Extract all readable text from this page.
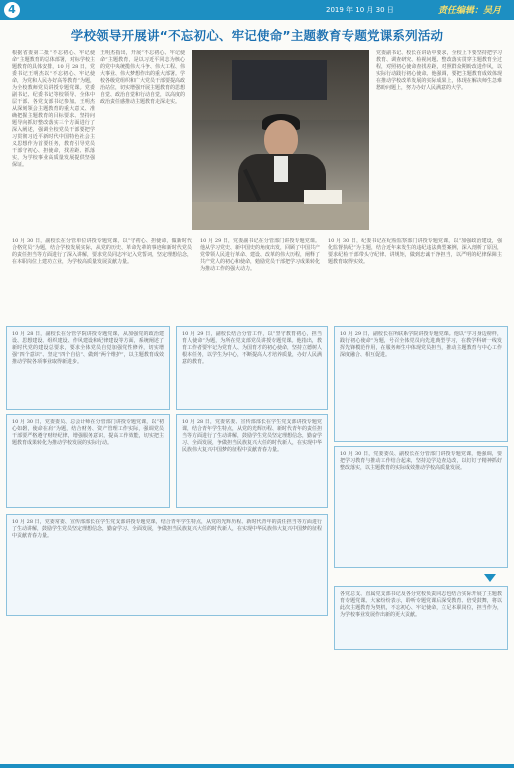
4	2019 年 10 月 30 日	责任编辑：吴月
学校领导开展讲“不忘初心、牢记使命”主题教育专题党课系列活动
根据省委第二批“不忘初心、牢记使命”主题教育的总体部署，对标学校主题教育的具体安排，10 月 28 日，党委书记王明杰以“不忘初心、牢记使命，为党和人民办好高等教育”为题，为全校教师党员讲授专题党课。党委副书记、纪委书记等校领导、全体中层干部、各党支部书记参加。王明杰从深刻领会主题教育的重大意义、准确把握主题教育的目标要求、坚持问题导向抓好整改落实三个方面进行了深入阐述，强调全校党员干部要把学习贯彻习近平新时代中国特色社会主义思想作为首要任务，教育引导党员干部守初心、担使命，找差距、抓落实，为学校事业高质量发展提供坚强保证。
王明杰指出，开展“不忘初心、牢记使命”主题教育，是以习近平同志为核心的党中央统揽伟大斗争、伟大工程、伟大事业、伟大梦想作出的重大部署。学校各级党组织和广大党员干部要提高政治站位，切实增强开展主题教育的思想自觉、政治自觉和行动自觉，以高度的政治责任感推动主题教育走深走实。
党委副书记、校长在讲话中要求，全校上下要坚持把学习教育、调查研究、检视问题、整改落实贯穿主题教育全过程，对照初心使命查找差距，对照群众期盼改进作风，以实际行动践行初心使命。他强调，要把主题教育成效体现在推动学校改革发展的实际成果上，体现在解决师生急难愁盼问题上，努力办好人民满意的大学。
10 月 30 日，副校长在分管单位讲授专题党课，以“守初心、担使命，做新时代合格党员”为题，结合学校发展实际，从党的历史、革命先辈的事迹和新时代党员的责任担当等方面进行了深入讲解，要求党员同志牢记入党誓词，坚定理想信念，在本职岗位上建功立业，为学校高质量发展贡献力量。
10 月 29 日，党委副书记在分管部门讲授专题党课。他从学习党史、新中国史的角度出发，回顾了中国共产党带领人民进行革命、建设、改革的伟大历程，阐释了共产党人的初心和使命，勉励党员干部把学习成果转化为推动工作的强大动力。
10 月 30 日，纪委书记在纪检监察部门讲授专题党课，以“加强政治建设，强化监督执纪”为主题，结合近年来发生的违纪违法典型案例，深入剖析了原因，要求纪检干部带头守纪律、讲规矩，做到忠诚干净担当，以严明的纪律保障主题教育取得实效。
10 月 28 日，副校长在分管学院讲授专题党课，从加强党的政治建设、思想建设、组织建设、作风建设和纪律建设等方面，系统阐述了新时代党的建设总要求，要求全体党员自觉加强党性修养，切实增强“四个意识”、坚定“四个自信”、做到“两个维护”，以主题教育成效推动学院各项事业取得新进步。
10 月 29 日，副校长结合分管工作，以“坚守教育初心，担当育人使命”为题，为所在党支部党员讲授专题党课。他指出，教育工作者要牢记为党育人、为国育才的初心使命，坚持立德树人根本任务，以学生为中心，不断提高人才培养质量，办好人民满意的教育。
10 月 29 日，副校长在所联系学院讲授专题党课。他以“学习身边榜样，践行初心使命”为题，号召全体党员向先进典型学习，在教学科研一线发挥先锋模范作用，在服务师生中体现党员担当，推动主题教育与中心工作深度融合、相互促进。
10 月 30 日，党委委员、总会计师在分管部门讲授专题党课，以“初心如磐，使命在肩”为题，结合财务、资产管理工作实际，强调党员干部要严格遵守财经纪律，增强服务意识，提高工作效能，切实把主题教育成果转化为推动学校发展的实际行动。
10 月 28 日，党委常委、宣传部部长在学生党支部讲授专题党课，结合青年学生特点，从党的光辉历程、新时代青年的责任担当等方面进行了生动讲解，鼓励学生党员坚定理想信念，勤奋学习、全面发展，争做担当民族复兴大任的时代新人，在实现中华民族伟大复兴中国梦的征程中贡献青春力量。
10 月 30 日，党委委员、副校长在分管部门讲授专题党课，他强调，要把学习教育与推动工作结合起来，坚持边学边查边改，以钉钉子精神抓好整改落实，以主题教育的实际成效推动学校高质量发展。
10 月 28 日，党委常委、宣传部部长在学生党支部讲授专题党课，结合青年学生特点，从党的光辉历程、新时代青年的责任担当等方面进行了生动讲解，鼓励学生党员坚定理想信念，勤奋学习、全面发展，争做担当民族复兴大任的时代新人，在实现中华民族伟大复兴中国梦的征程中贡献青春力量。
各党总支、直属党支部书记及各分党校负责同志也结合实际开展了主题教育专题党课。大家纷纷表示，聆听专题党课后深受教育、倍受鼓舞，将以此次主题教育为契机，不忘初心、牢记使命，立足本职岗位，担当作为，为学校事业发展作出新的更大贡献。
